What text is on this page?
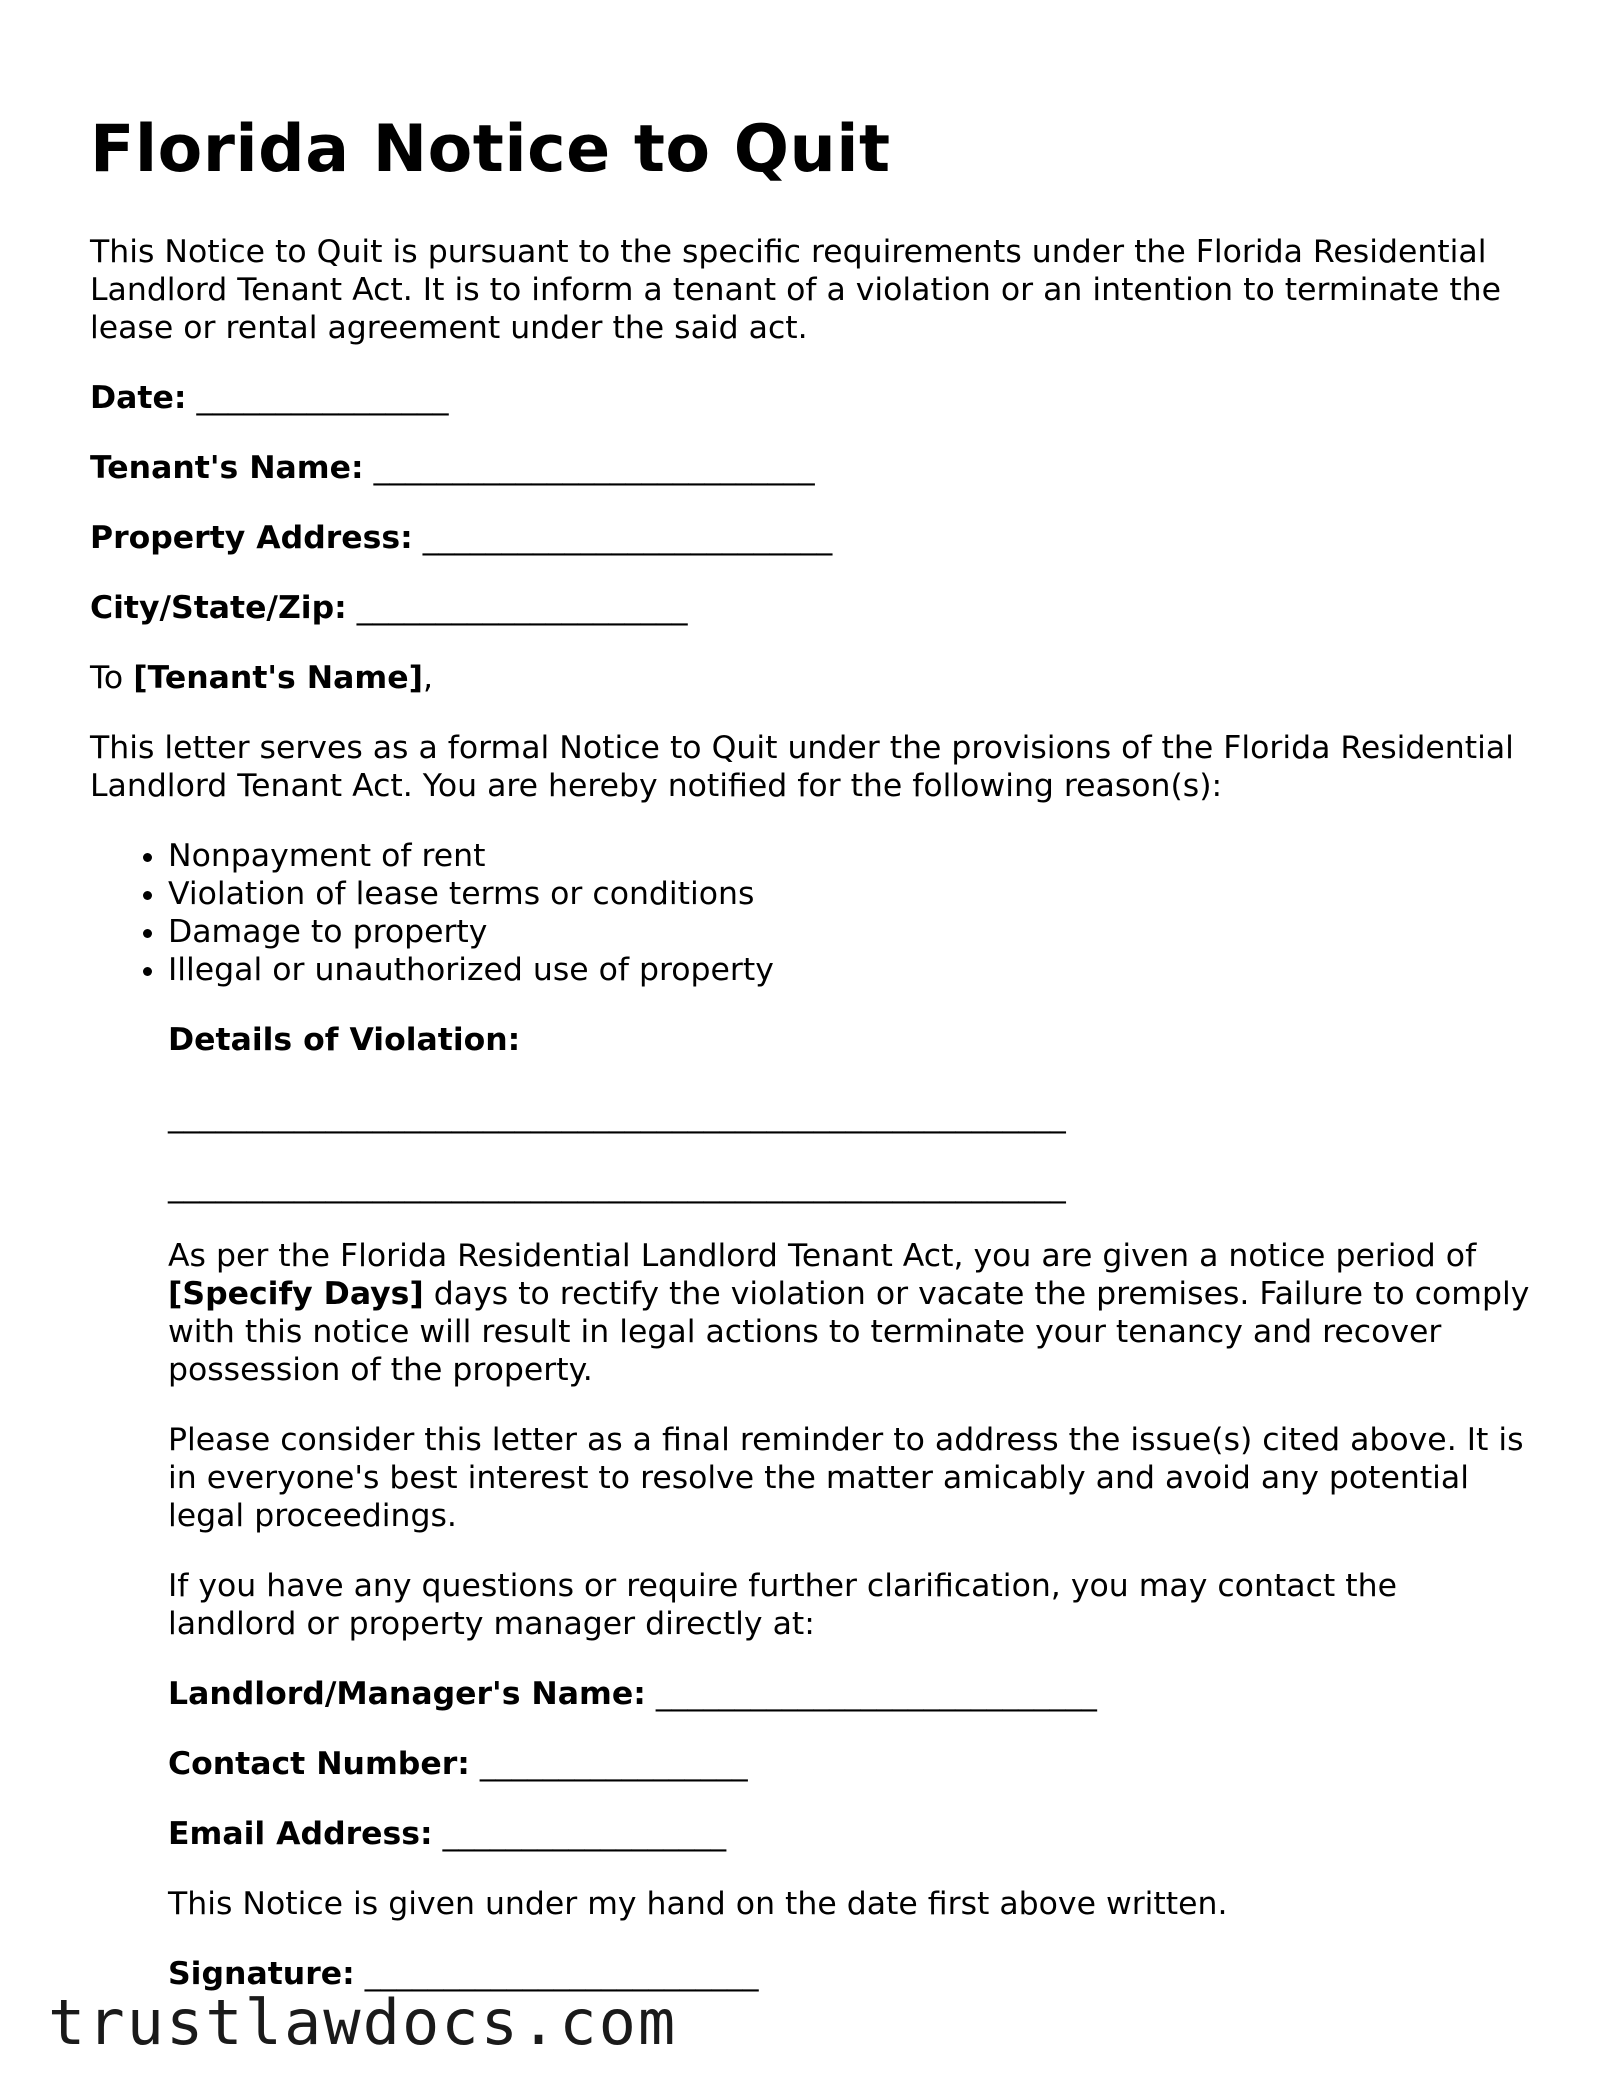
Florida Notice to Quit

This Notice to Quit is pursuant to the specific requirements under the Florida Residential Landlord Tenant Act. It is to inform a tenant of a violation or an intention to terminate the lease or rental agreement under the said act.

Date: ________________
Tenant's Name: ____________________________
Property Address: __________________________
City/State/Zip: _____________________

To [Tenant's Name],

This letter serves as a formal Notice to Quit under the provisions of the Florida Residential Landlord Tenant Act. You are hereby notified for the following reason(s):

• Nonpayment of rent
• Violation of lease terms or conditions
• Damage to property
• Illegal or unauthorized use of property
Details of Violation:
_________________________________________________________
_________________________________________________________

As per the Florida Residential Landlord Tenant Act, you are given a notice period of [Specify Days] days to rectify the violation or vacate the premises. Failure to comply with this notice will result in legal actions to terminate your tenancy and recover possession of the property.

Please consider this letter as a final reminder to address the issue(s) cited above. It is in everyone's best interest to resolve the matter amicably and avoid any potential legal proceedings.

If you have any questions or require further clarification, you may contact the landlord or property manager directly at:

Landlord/Manager's Name: ____________________________
Contact Number: _________________
Email Address: __________________

This Notice is given under my hand on the date first above written.

Signature: _________________________
trustlawdocs.com
